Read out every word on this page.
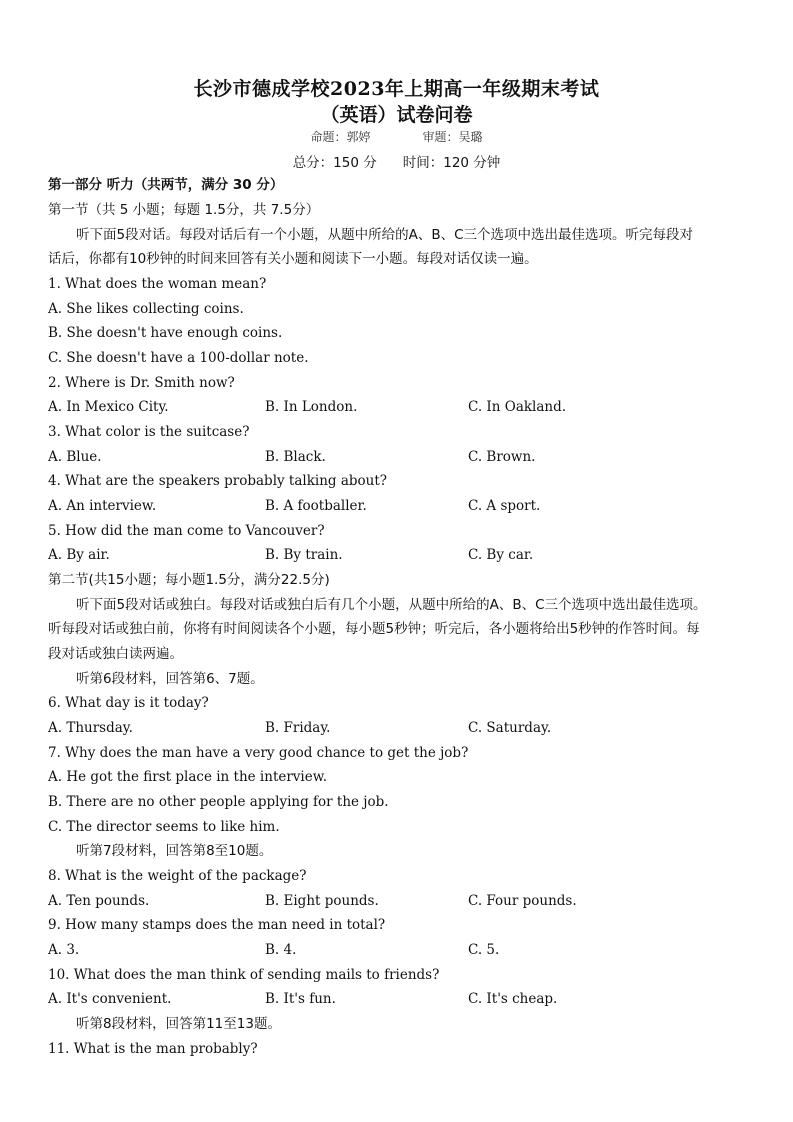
长沙市德成学校2023年上期高一年级期末考试
（英语）试卷问卷
命题：郭婷	审题：吴璐
总分：150 分 时间：120 分钟
第一部分 听力（共两节，满分 30 分）
第一节（共 5 小题；每题 1.5分，共 7.5分）
听下面5段对话。每段对话后有一个小题，从题中所给的A、B、C三个选项中选出最佳选项。听完每段对
话后，你都有10秒钟的时间来回答有关小题和阅读下一小题。每段对话仅读一遍。
1. What does the woman mean?
A. She likes collecting coins.
B. She doesn't have enough coins.
C. She doesn't have a 100-dollar note.
2. Where is Dr. Smith now?
A. In Mexico City.	B. In London.	C. In Oakland.
3. What color is the suitcase?
A. Blue.	B. Black.	C. Brown.
4. What are the speakers probably talking about?
A. An interview.	B. A footballer.	C. A sport.
5. How did the man come to Vancouver?
A. By air.	B. By train.	C. By car.
第二节(共15小题；每小题1.5分，满分22.5分)
听下面5段对话或独白。每段对话或独白后有几个小题，从题中所给的A、B、C三个选项中选出最佳选项。
听每段对话或独白前，你将有时间阅读各个小题，每小题5秒钟；听完后，各小题将给出5秒钟的作答时间。每
段对话或独白读两遍。
听第6段材料，回答第6、7题。
6. What day is it today?
A. Thursday.	B. Friday.	C. Saturday.
7. Why does the man have a very good chance to get the job?
A. He got the first place in the interview.
B. There are no other people applying for the job.
C. The director seems to like him.
听第7段材料，回答第8至10题。
8. What is the weight of the package?
A. Ten pounds.	B. Eight pounds.	C. Four pounds.
9. How many stamps does the man need in total?
A. 3.	B. 4.	C. 5.
10. What does the man think of sending mails to friends?
A. It's convenient.	B. It's fun.	C. It's cheap.
听第8段材料，回答第11至13题。
11. What is the man probably?
